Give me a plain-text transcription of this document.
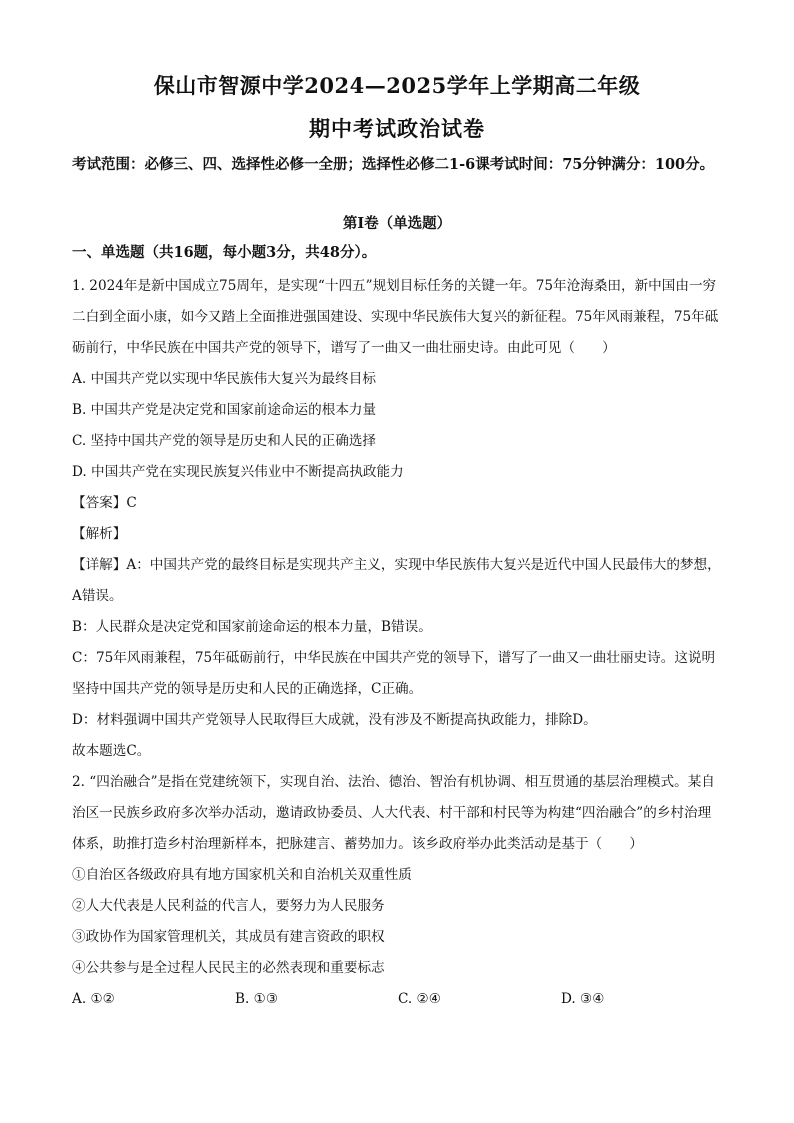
保山市智源中学2024—2025学年上学期高二年级
期中考试政治试卷
考试范围：必修三、四、选择性必修一全册；选择性必修二1-6课考试时间：75分钟满分：100分。
第Ⅰ卷（单选题）
一、单选题（共16题，每小题3分，共48分）。

1. 2024年是新中国成立75周年，是实现“十四五”规划目标任务的关键一年。75年沧海桑田，新中国由一穷二白到全面小康，如今又踏上全面推进强国建设、实现中华民族伟大复兴的新征程。75年风雨兼程，75年砥砺前行，中华民族在中国共产党的领导下，谱写了一曲又一曲壮丽史诗。由此可见（　　）

A. 中国共产党以实现中华民族伟大复兴为最终目标

B. 中国共产党是决定党和国家前途命运的根本力量

C. 坚持中国共产党的领导是历史和人民的正确选择

D. 中国共产党在实现民族复兴伟业中不断提高执政能力

【答案】C

【解析】

【详解】A：中国共产党的最终目标是实现共产主义，实现中华民族伟大复兴是近代中国人民最伟大的梦想，A错误。

B：人民群众是决定党和国家前途命运的根本力量，B错误。

C：75年风雨兼程，75年砥砺前行，中华民族在中国共产党的领导下，谱写了一曲又一曲壮丽史诗。这说明坚持中国共产党的领导是历史和人民的正确选择，C正确。

D：材料强调中国共产党领导人民取得巨大成就，没有涉及不断提高执政能力，排除D。

故本题选C。

2. “四治融合”是指在党建统领下，实现自治、法治、德治、智治有机协调、相互贯通的基层治理模式。某自治区一民族乡政府多次举办活动，邀请政协委员、人大代表、村干部和村民等为构建“四治融合”的乡村治理体系，助推打造乡村治理新样本，把脉建言、蓄势加力。该乡政府举办此类活动是基于（　　）

①自治区各级政府具有地方国家机关和自治机关双重性质

②人大代表是人民利益的代言人，要努力为人民服务

③政协作为国家管理机关，其成员有建言资政的职权

④公共参与是全过程人民民主的必然表现和重要标志

A. ①②	B. ①③	C. ②④	D. ③④
